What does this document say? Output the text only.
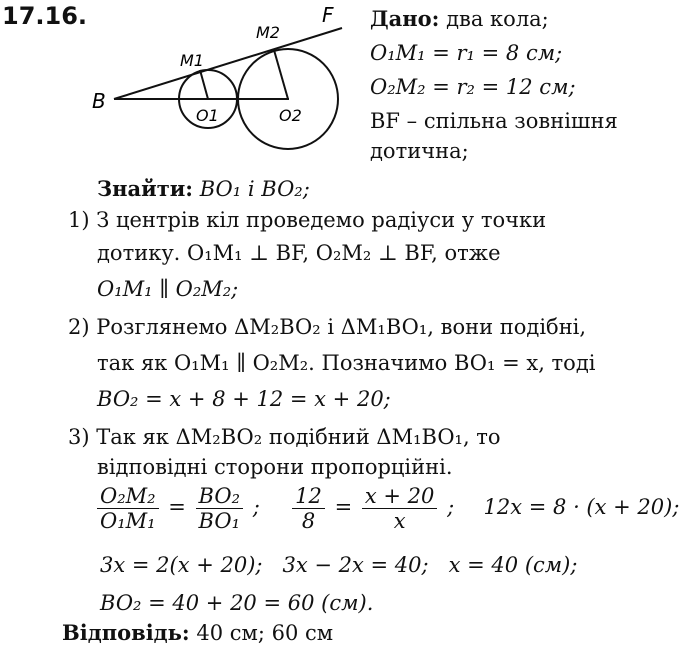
17.16.
B
F
M1
M2
O1	O2
Дано: два кола;
O₁M₁ = r₁ = 8 см;
O₂M₂ = r₂ = 12 см;
BF – спільна зовнішня
дотична;
Знайти: BO₁ і BO₂;
1) З центрів кіл проведемо радіуси у точки
дотику. O₁M₁ ⊥ BF, O₂M₂ ⊥ BF, отже
O₁M₁ ∥ O₂M₂;
2) Розглянемо ΔM₂BO₂ і ΔM₁BO₁, вони подібні,
так як O₁M₁ ∥ O₂M₂. Позначимо BO₁ = x, тоді
BO₂ = x + 8 + 12 = x + 20;
3) Так як ΔM₂BO₂ подібний ΔM₁BO₁, то
відповідні сторони пропорційні.
$\frac{\text{O₂M₂}}{\text{O₁M₁}} = \frac{\text{BO₂}}{\text{BO₁}}$ ; $\frac{12}{8} = \frac{x + 20}{x}$ ; 12x = 8 · (x + 20);
3x = 2(x + 20);   3x − 2x = 40;   x = 40 (см);
BO₂ = 40 + 20 = 60 (см).
Відповідь: 40 см; 60 см
